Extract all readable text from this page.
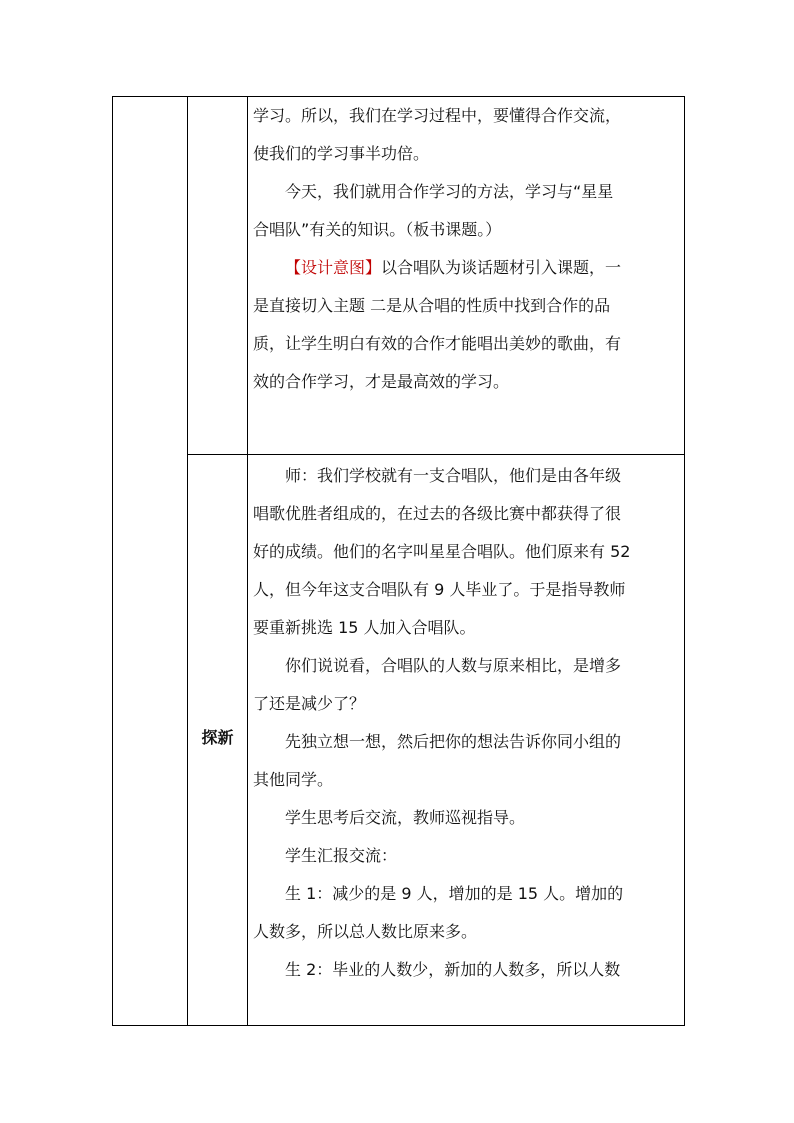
探新

学习。所以，我们在学习过程中，要懂得合作交流，

使我们的学习事半功倍。

今天，我们就用合作学习的方法，学习与“星星

合唱队”有关的知识。（板书课题。）

【设计意图】以合唱队为谈话题材引入课题，一

是直接切入主题 二是从合唱的性质中找到合作的品

质，让学生明白有效的合作才能唱出美妙的歌曲，有

效的合作学习，才是最高效的学习。

师：我们学校就有一支合唱队，他们是由各年级

唱歌优胜者组成的，在过去的各级比赛中都获得了很

好的成绩。他们的名字叫星星合唱队。他们原来有 52

人，但今年这支合唱队有 9 人毕业了。于是指导教师

要重新挑选 15 人加入合唱队。

你们说说看，合唱队的人数与原来相比，是增多

了还是减少了？

先独立想一想，然后把你的想法告诉你同小组的

其他同学。

学生思考后交流，教师巡视指导。

学生汇报交流：

生 1：减少的是 9 人，增加的是 15 人。增加的

人数多，所以总人数比原来多。

生 2：毕业的人数少，新加的人数多，所以人数
